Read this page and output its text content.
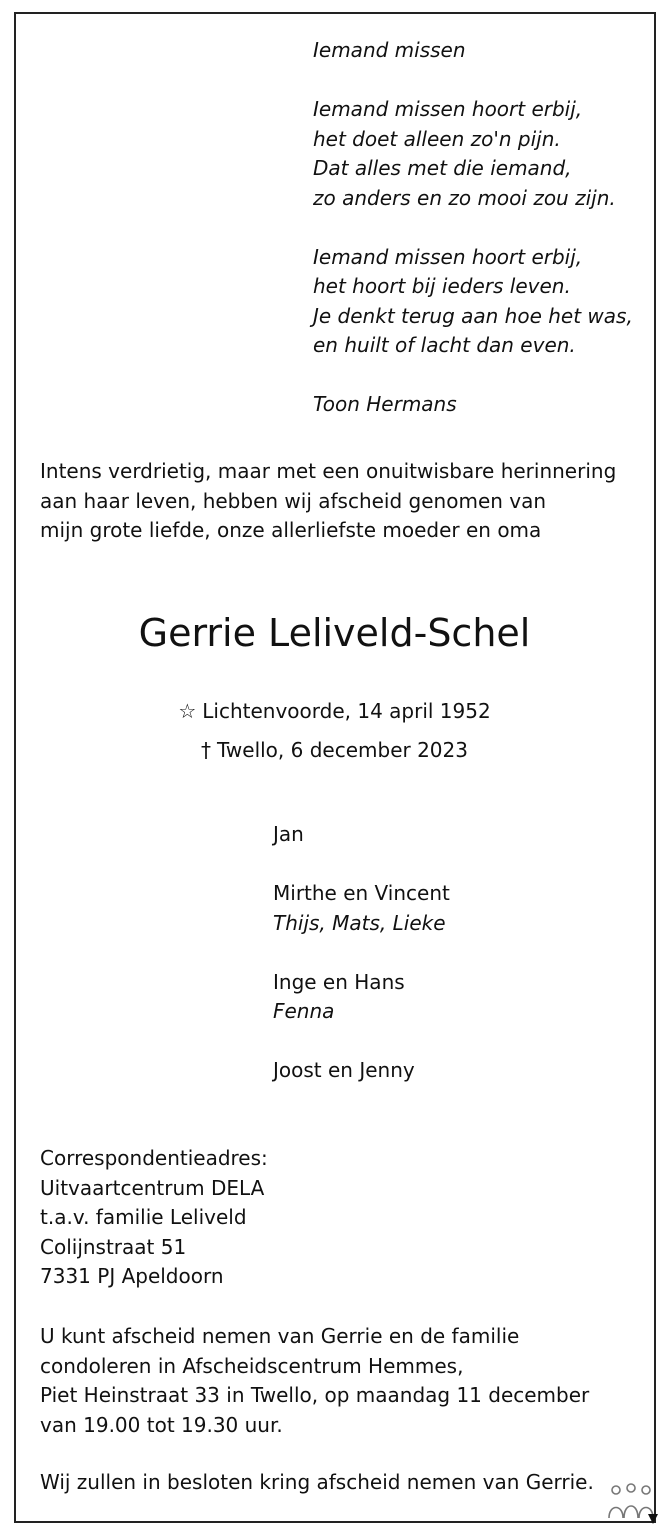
Iemand missen
Iemand missen hoort erbij,
het doet alleen zo'n pijn.
Dat alles met die iemand,
zo anders en zo mooi zou zijn.
Iemand missen hoort erbij,
het hoort bij ieders leven.
Je denkt terug aan hoe het was,
en huilt of lacht dan even.
Toon Hermans
Intens verdrietig, maar met een onuitwisbare herinnering
aan haar leven, hebben wij afscheid genomen van
mijn grote liefde, onze allerliefste moeder en oma
Gerrie Leliveld-Schel
☆ Lichtenvoorde, 14 april 1952
† Twello, 6 december 2023
Jan
Mirthe en Vincent
Thijs, Mats, Lieke
Inge en Hans
Fenna
Joost en Jenny
Correspondentieadres:
Uitvaartcentrum DELA
t.a.v. familie Leliveld
Colijnstraat 51
7331 PJ Apeldoorn
U kunt afscheid nemen van Gerrie en de familie
condoleren in Afscheidscentrum Hemmes,
Piet Heinstraat 33 in Twello, op maandag 11 december
van 19.00 tot 19.30 uur.
Wij zullen in besloten kring afscheid nemen van Gerrie.
